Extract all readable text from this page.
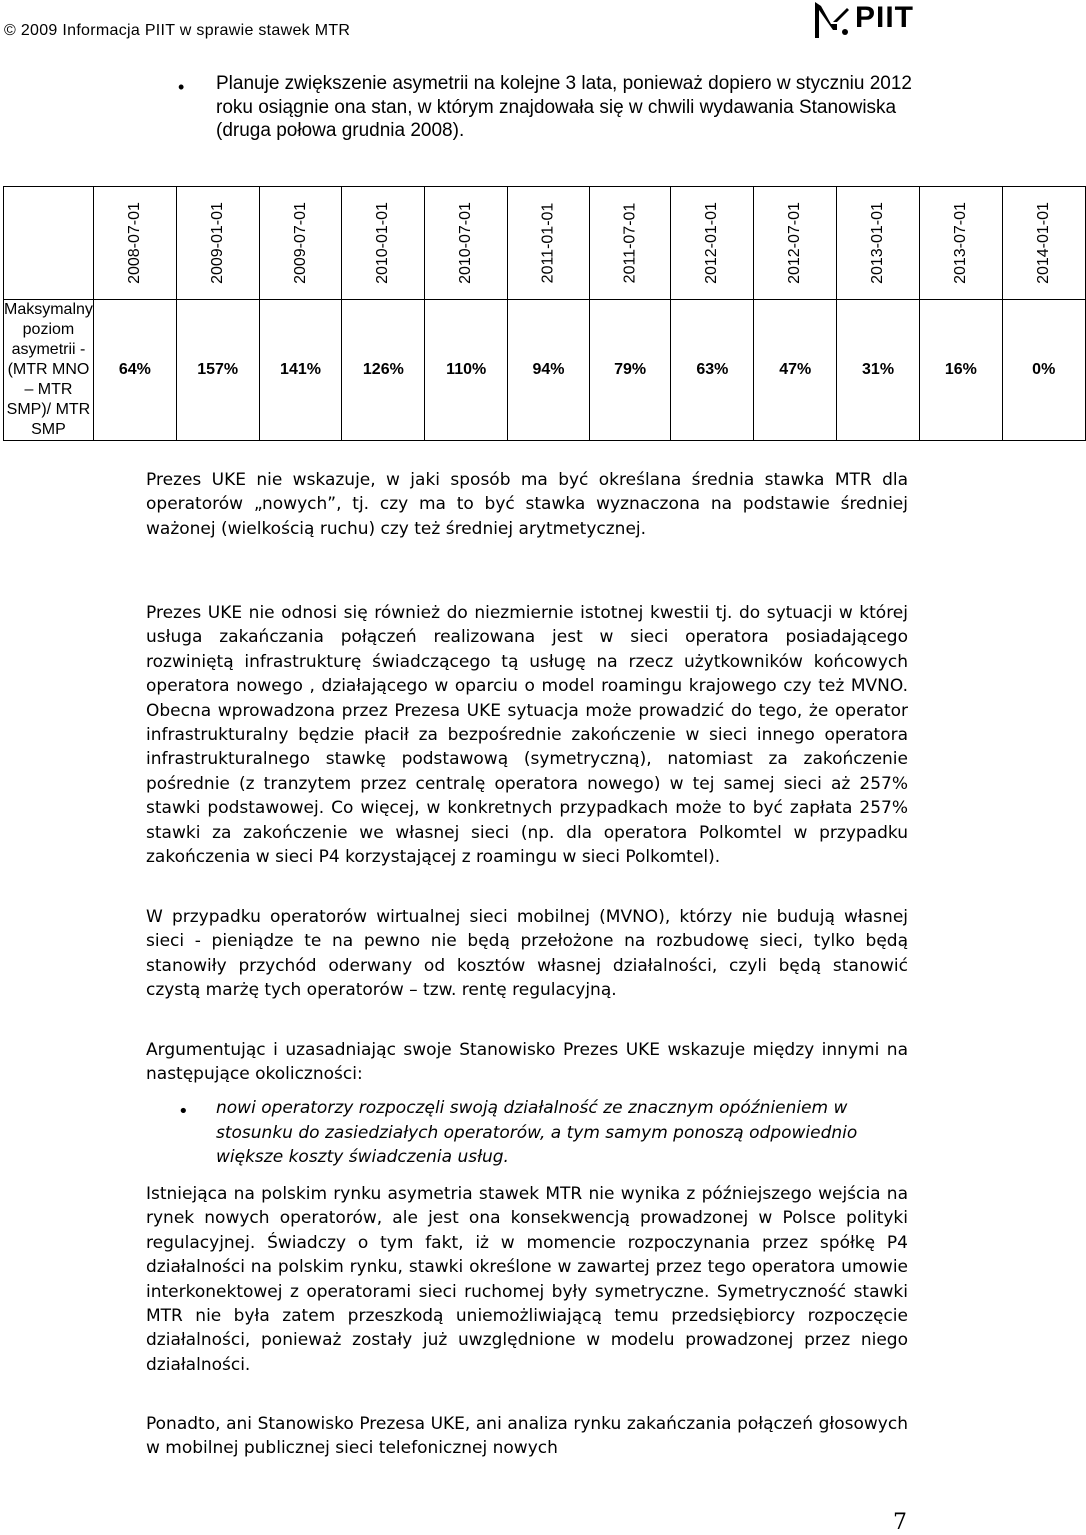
© 2009 Informacja PIIT w sprawie stawek MTR	PIIT
• Planuje zwiększenie asymetrii na kolejne 3 lata, ponieważ dopiero w styczniu 2012 roku osiągnie ona stan, w którym znajdowała się w chwili wydawania Stanowiska (druga połowa grudnia 2008).
	2008-07-01	2009-01-01	2009-07-01	2010-01-01	2010-07-01	2011-01-01	2011-07-01	2012-01-01	2012-07-01	2013-01-01	2013-07-01	2014-01-01
Maksymalny poziom asymetrii - (MTR MNO – MTR SMP)/ MTR SMP	64%	157%	141%	126%	110%	94%	79%	63%	47%	31%	16%	0%
Prezes UKE nie wskazuje, w jaki sposób ma być określana średnia stawka MTR dla operatorów „nowych”, tj. czy ma to być stawka wyznaczona na podstawie średniej ważonej (wielkością ruchu) czy też średniej arytmetycznej.
Prezes UKE nie odnosi się również do niezmiernie istotnej kwestii tj. do sytuacji w której usługa zakańczania połączeń realizowana jest w sieci operatora posiadającego rozwiniętą infrastrukturę świadczącego tą usługę na rzecz użytkowników końcowych operatora nowego , działającego w oparciu o model roamingu krajowego czy też MVNO. Obecna wprowadzona przez Prezesa UKE sytuacja może prowadzić do tego, że operator infrastrukturalny będzie płacił za bezpośrednie zakończenie w sieci innego operatora infrastrukturalnego stawkę podstawową (symetryczną), natomiast za zakończenie pośrednie (z tranzytem przez centralę operatora nowego) w tej samej sieci aż 257% stawki podstawowej. Co więcej, w konkretnych przypadkach może to być zapłata 257% stawki za zakończenie we własnej sieci (np. dla operatora Polkomtel w przypadku zakończenia w sieci P4 korzystającej z roamingu w sieci Polkomtel).
W przypadku operatorów wirtualnej sieci mobilnej (MVNO), którzy nie budują własnej sieci - pieniądze te na pewno nie będą przełożone na rozbudowę sieci, tylko będą stanowiły przychód oderwany od kosztów własnej działalności, czyli będą stanowić czystą marżę tych operatorów – tzw. rentę regulacyjną.
Argumentując i uzasadniając swoje Stanowisko Prezes UKE wskazuje między innymi na następujące okoliczności:
• nowi operatorzy rozpoczęli swoją działalność ze znacznym opóźnieniem w stosunku do zasiedziałych operatorów, a tym samym ponoszą odpowiednio większe koszty świadczenia usług.
Istniejąca na polskim rynku asymetria stawek MTR nie wynika z późniejszego wejścia na rynek nowych operatorów, ale jest ona konsekwencją prowadzonej w Polsce polityki regulacyjnej. Świadczy o tym fakt, iż w momencie rozpoczynania przez spółkę P4 działalności na polskim rynku, stawki określone w zawartej przez tego operatora umowie interkonektowej z operatorami sieci ruchomej były symetryczne. Symetryczność stawki MTR nie była zatem przeszkodą uniemożliwiającą temu przedsiębiorcy rozpoczęcie działalności, ponieważ zostały już uwzględnione w modelu prowadzonej przez niego działalności.
Ponadto, ani Stanowisko Prezesa UKE, ani analiza rynku zakańczania połączeń głosowych w mobilnej publicznej sieci telefonicznej nowych
7
